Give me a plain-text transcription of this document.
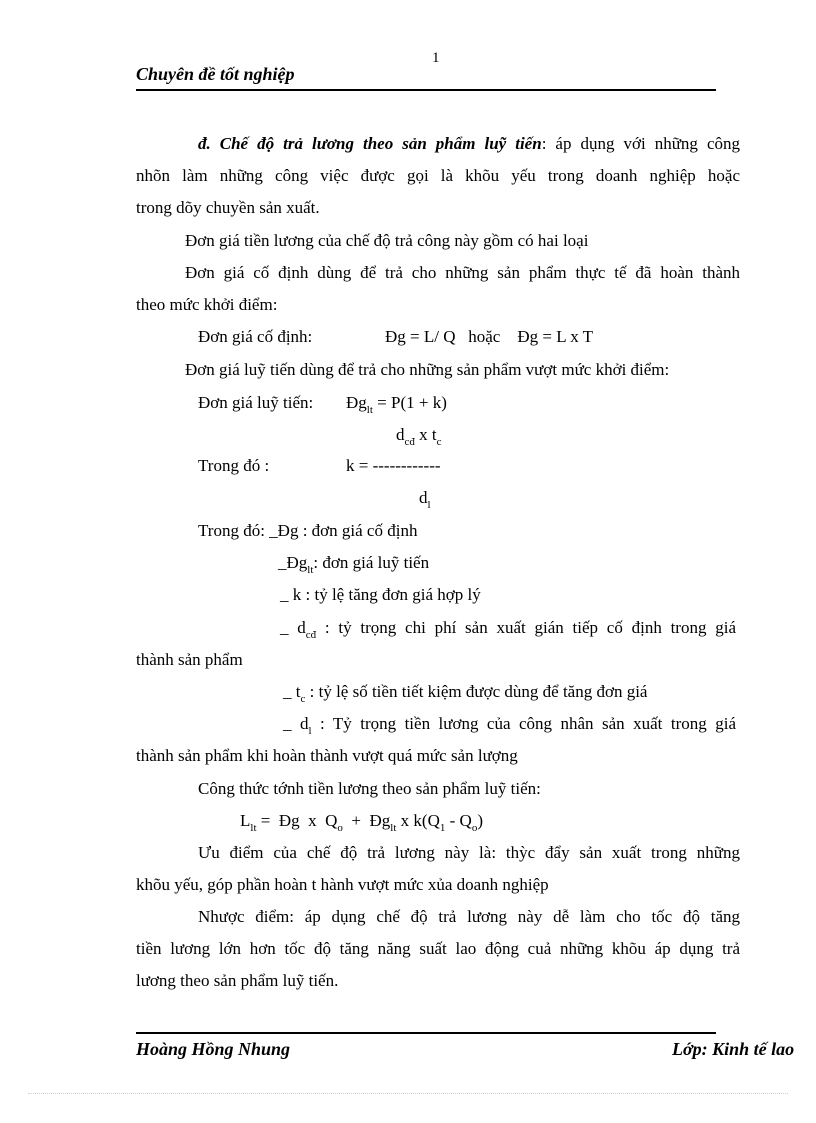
1
Chuyên đề tốt nghiệp
đ. Chế độ trả lương theo sản phẩm luỹ tiến: áp dụng với những công
nhõn làm những công việc được gọi là khõu yếu trong doanh nghiệp hoặc
trong dõy chuyền sản xuất.
Đơn giá tiền lương của chế độ trả công này gồm có hai loại
Đơn giá cố định dùng để trả cho những sản phẩm thực tế đã hoàn thành
theo mức khởi điểm:
Đơn giá cố định:	Đg = L/ Q   hoặc    Đg = L x T
Đơn giá luỹ tiến dùng để trả cho những sản phẩm vượt mức khởi điểm:
Đơn giá luỹ tiến: $Đg_{lt} = P(1 + k)$
$d_{cđ}$ x $t_c$
Trong đó :	k = ------------
$d_l$
Trong đó: _Đg : đơn giá cố định
$\_Đg_{lt}$: đơn giá luỹ tiến
_ k : tỷ lệ tăng đơn giá hợp lý
_ $d_{cđ}$ : tỷ trọng chi phí sản xuất gián tiếp cố định trong giá
thành sản phẩm
_ $t_c$ : tỷ lệ số tiền tiết kiệm được dùng để tăng đơn giá
_ $d_l$ : Tỷ trọng tiền lương của công nhân sản xuất trong giá
thành sản phẩm khi hoàn thành vượt quá mức sản lượng
Công thức tớnh tiền lương theo sản phẩm luỹ tiến:
$L_{lt}$ =  Đg  x  $Q_o$  +  $Đg_{lt}$ x $k(Q_1 - Q_o)$
Ưu điểm của chế độ trả lương này là: thỳc đẩy sản xuất trong những
khõu yếu, góp phần hoàn t hành vượt mức xủa doanh nghiệp
Nhược điểm: áp dụng chế độ trả lương này dễ làm cho tốc độ tăng
tiền lương lớn hơn tốc độ tăng năng suất lao động cuả những khõu áp dụng trả
lương theo sản phẩm luỹ tiến.
Hoàng Hồng Nhung	Lớp: Kinh tế lao
